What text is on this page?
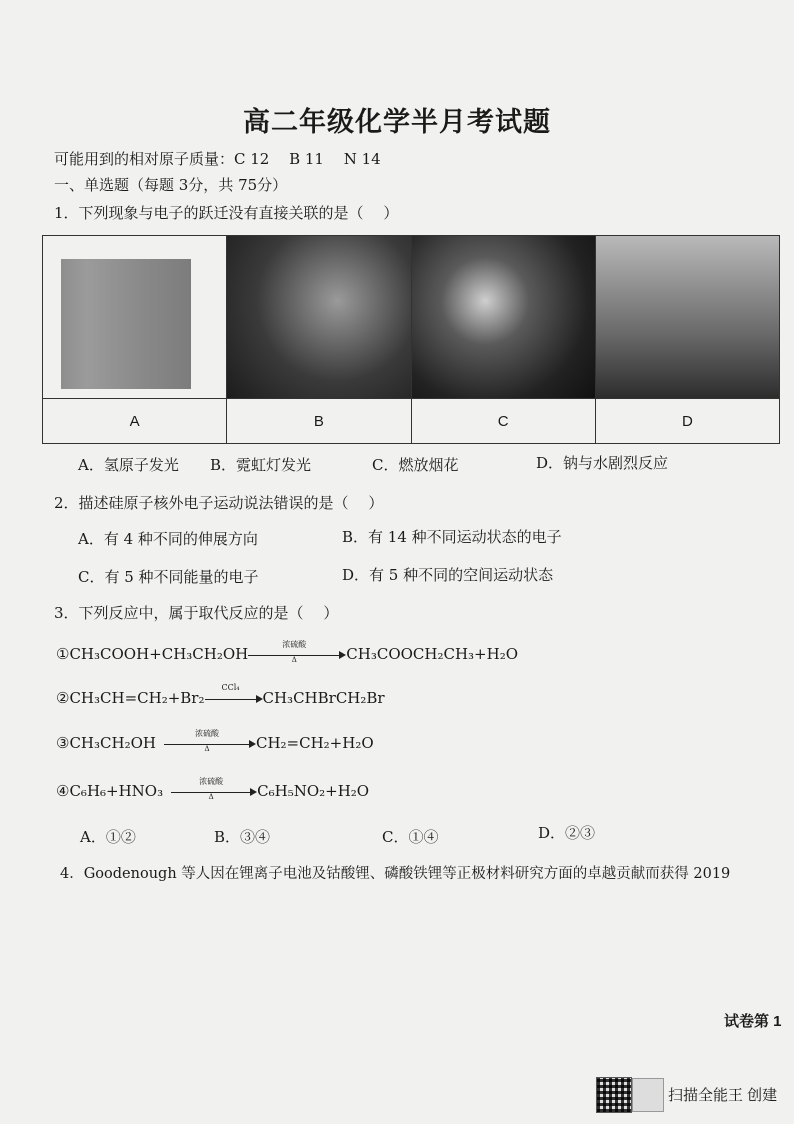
高二年级化学半月考试题
可能用到的相对原子质量：C 12　 B 11 　N 14
一、单选题（每题 3分，共 75分）
1．下列现象与电子的跃迁没有直接关联的是（　 ）

A	B	C	D
A．氢原子发光 B．霓虹灯发光	C．燃放烟花	D．钠与水剧烈反应
2．描述硅原子核外电子运动说法错误的是（　 ）
A．有 4 种不同的伸展方向	B．有 14 种不同运动状态的电子
C．有 5 种不同能量的电子	D．有 5 种不同的空间运动状态
3．下列反应中，属于取代反应的是（　 ）
①CH₃COOH+CH₃CH₂OH
浓硫酸
Δ	CH₃COOCH₂CH₃+H₂O
②CH₃CH=CH₂+Br₂
CCl₄
CH₃CHBrCH₂Br
③CH₃CH₂OH
浓硫酸
Δ	CH₂=CH₂+H₂O
④C₆H₆+HNO₃
浓硫酸
Δ	C₆H₅NO₂+H₂O
A．①②	B．③④	C．①④	D．②③
4．Goodenough 等人因在锂离子电池及钴酸锂、磷酸铁锂等正极材料研究方面的卓越贡献而获得 2019
试卷第 1
扫描全能王 创建
